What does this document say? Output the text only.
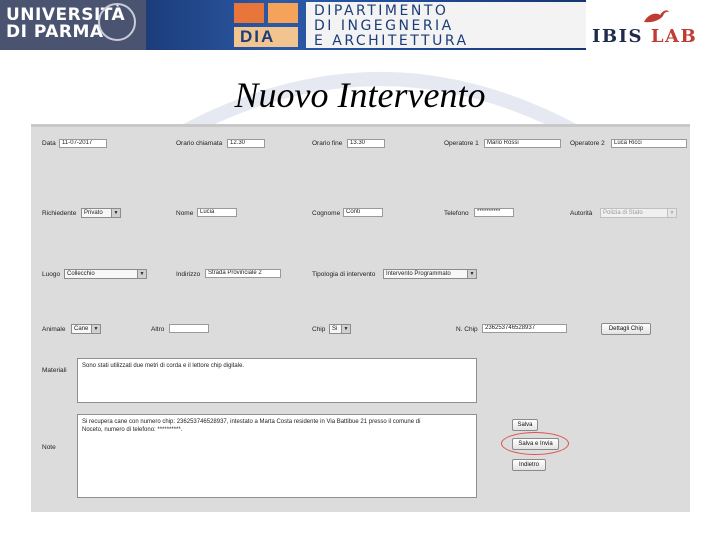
UNIVERSITÀ
DI PARMA	DIA
DIPARTIMENTO
DI INGEGNERIA
E ARCHITETTURA	IBIS LAB
Nuovo Intervento
Data	11-07-2017	Orario chiamata	12.30	Orario fine	13.30	Operatore 1	Mario Rossi	Operatore 2	Luca Ricci
Richiedente	Privato	▼	Nome	Lucia	Cognome Conti	Telefono	**********	Autorità	Polizia di Stato	▼
Luogo	Collecchio	▼	Indirizzo	Strada Provinciale 2	Tipologia di intervento	Intervento Programmato	▼
Animale	Cane	▼	Altro	Chip	Si	▼	N. Chip	236253746528937	Dettagli Chip
Materiali
Sono stati utilizzati due metri di corda e il lettore chip digitale.
Note
Si recupera cane con numero chip: 236253746528937, intestato a Marta Costa residente in Via Battibue 21 presso il comune di
Noceto, numero di telefono: **********.
Salva
Salva e Invia
Indietro
